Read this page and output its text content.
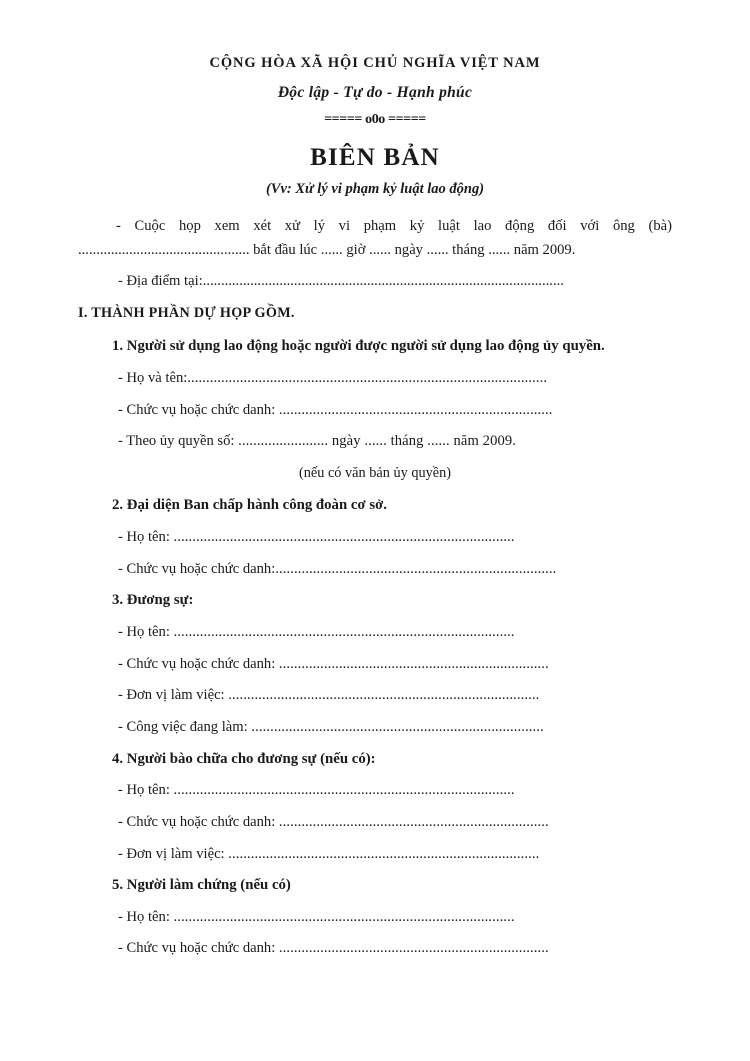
CỘNG HÒA XÃ HỘI CHỦ NGHĨA VIỆT NAM
Độc lập - Tự do - Hạnh phúc
===== o0o =====
BIÊN BẢN
(Vv: Xử lý vi phạm kỷ luật lao động)
- Cuộc họp xem xét xử lý vi phạm kỷ luật lao động đối với ông (bà)
............................................... bắt đầu lúc ...... giờ ...... ngày ...... tháng ...... năm 2009.
- Địa điểm tại:...................................................................................................
I. THÀNH PHẦN DỰ HỌP GỒM.
1. Người sử dụng lao động hoặc người được người sử dụng lao động ủy quyền.
- Họ và tên:................................................................................................
- Chức vụ hoặc chức danh: .........................................................................
- Theo ủy quyền số: ........................ ngày ...... tháng ...... năm 2009.
(nếu có văn bản ủy quyền)
2. Đại diện Ban chấp hành công đoàn cơ sở.
- Họ tên: ...........................................................................................
- Chức vụ hoặc chức danh:...........................................................................
3. Đương sự:
- Họ tên: ...........................................................................................
- Chức vụ hoặc chức danh: ........................................................................
- Đơn vị làm việc: ...................................................................................
- Công việc đang làm: ..............................................................................
4. Người bào chữa cho đương sự (nếu có):
- Họ tên: ...........................................................................................
- Chức vụ hoặc chức danh: ........................................................................
- Đơn vị làm việc: ...................................................................................
5. Người làm chứng (nếu có)
- Họ tên: ...........................................................................................
- Chức vụ hoặc chức danh: ........................................................................
